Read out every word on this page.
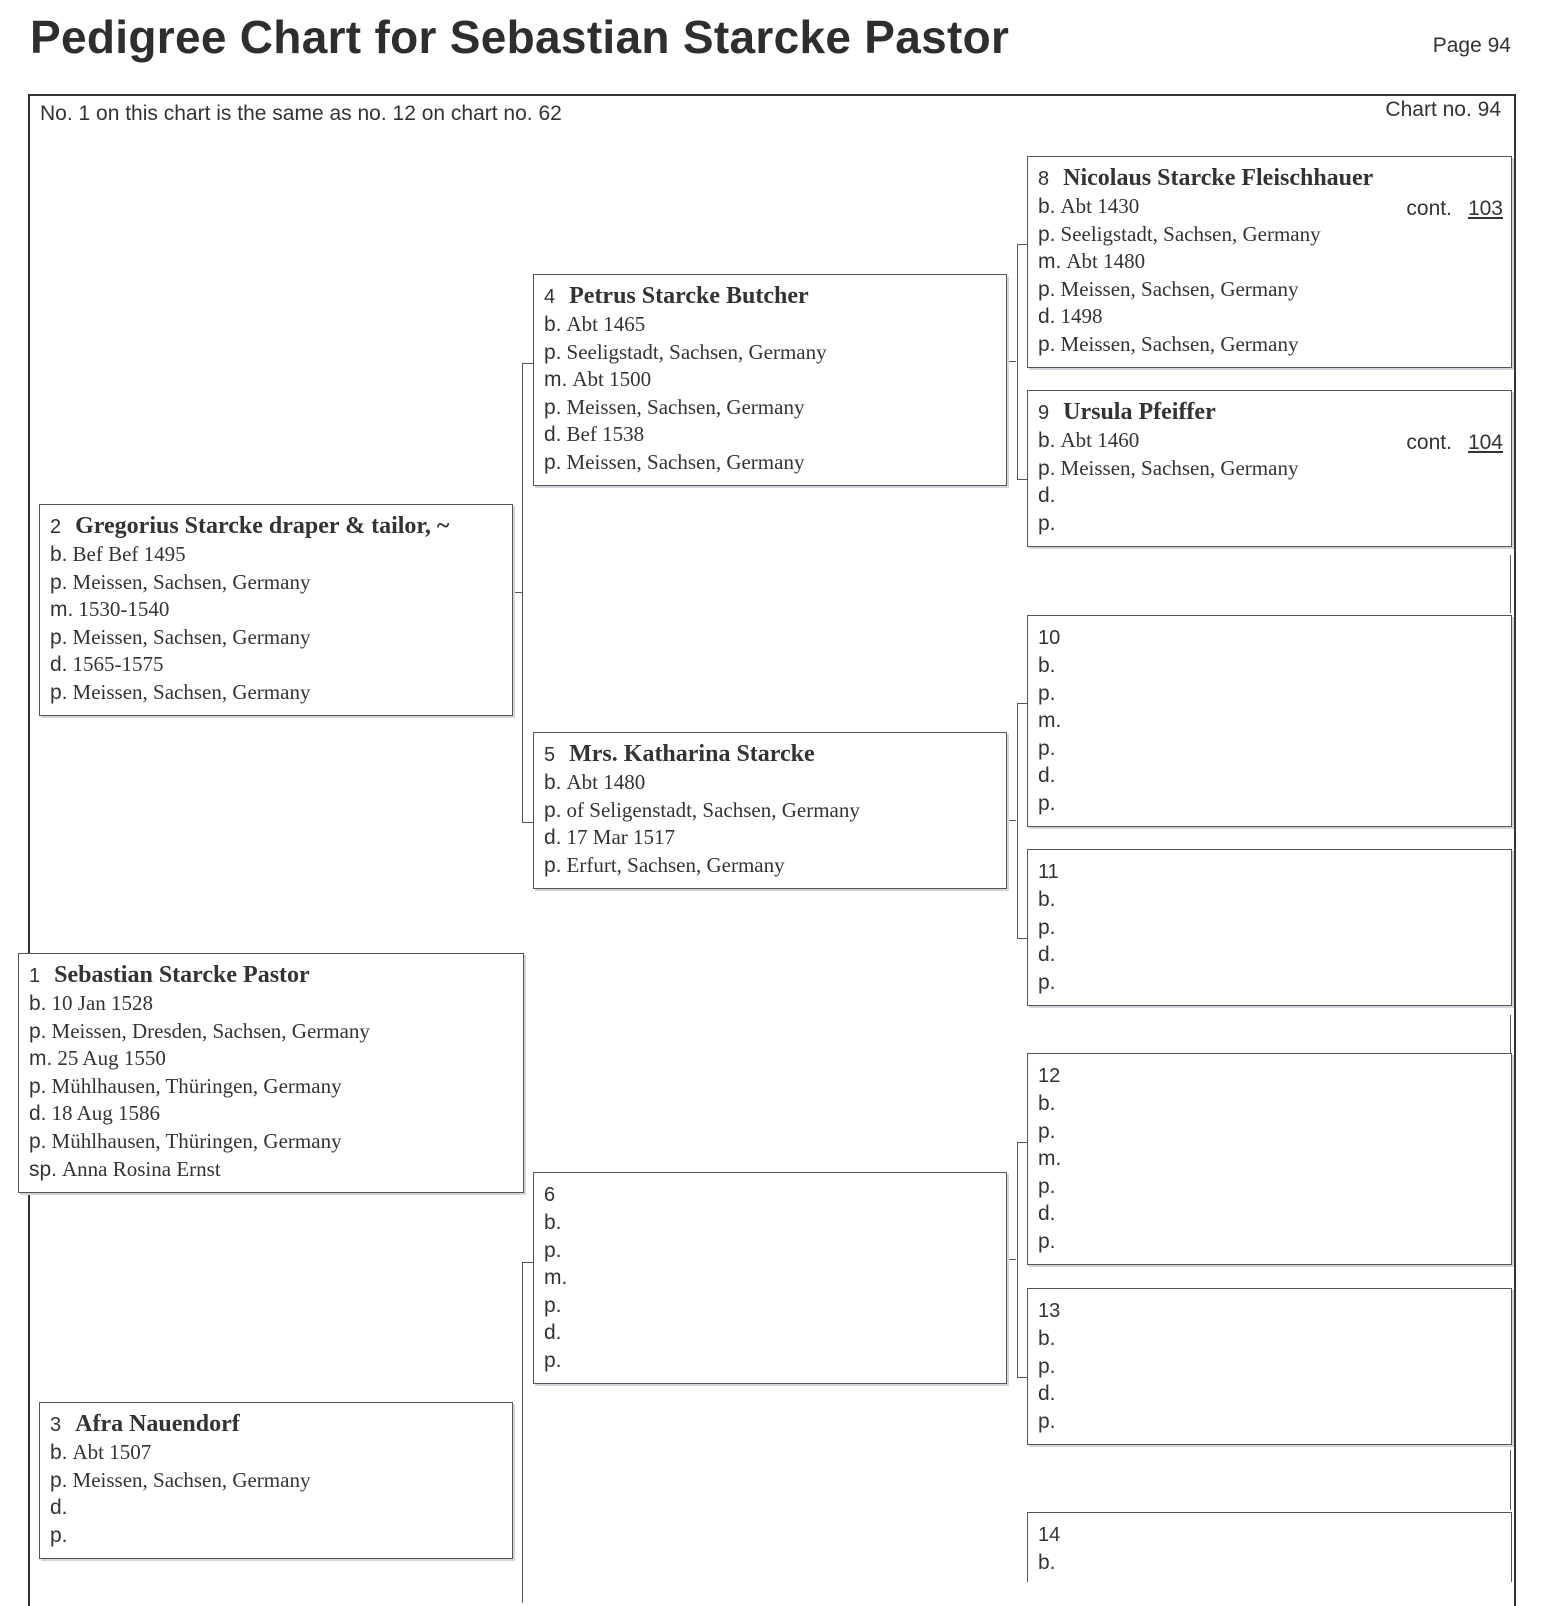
Pedigree Chart for Sebastian Starcke Pastor	Page 94
No. 1 on this chart is the same as no. 12 on chart no. 62	Chart no. 94
8 Nicolaus Starcke Fleischhauer
b. Abt 1430
p. Seeligstadt, Sachsen, Germany
m. Abt 1480
p. Meissen, Sachsen, Germany
d. 1498
p. Meissen, Sachsen, Germany
cont. 103
4 Petrus Starcke Butcher
b. Abt 1465
p. Seeligstadt, Sachsen, Germany
m. Abt 1500
p. Meissen, Sachsen, Germany
d. Bef 1538
p. Meissen, Sachsen, Germany
9 Ursula Pfeiffer
b. Abt 1460
p. Meissen, Sachsen, Germany
d.
p.
cont. 104
2 Gregorius Starcke draper & tailor, ~
b. Bef Bef 1495
p. Meissen, Sachsen, Germany
m. 1530-1540
p. Meissen, Sachsen, Germany
d. 1565-1575
p. Meissen, Sachsen, Germany
10
b.
p.
m.
p.
d.
p.
5 Mrs. Katharina Starcke
b. Abt 1480
p. of Seligenstadt, Sachsen, Germany
d. 17 Mar 1517
p. Erfurt, Sachsen, Germany	11
b.
p.
d.
p.
1 Sebastian Starcke Pastor
b. 10 Jan 1528
p. Meissen, Dresden, Sachsen, Germany
m. 25 Aug 1550
p. Mühlhausen, Thüringen, Germany
d. 18 Aug 1586
p. Mühlhausen, Thüringen, Germany
sp. Anna Rosina Ernst
12
b.
p.
m.
p.
d.
p.
6
b.
p.
m.
p.
d.
p.
13
b.
p.
d.
p.
3 Afra Nauendorf
b. Abt 1507
p. Meissen, Sachsen, Germany
d.
p.	14
b.
